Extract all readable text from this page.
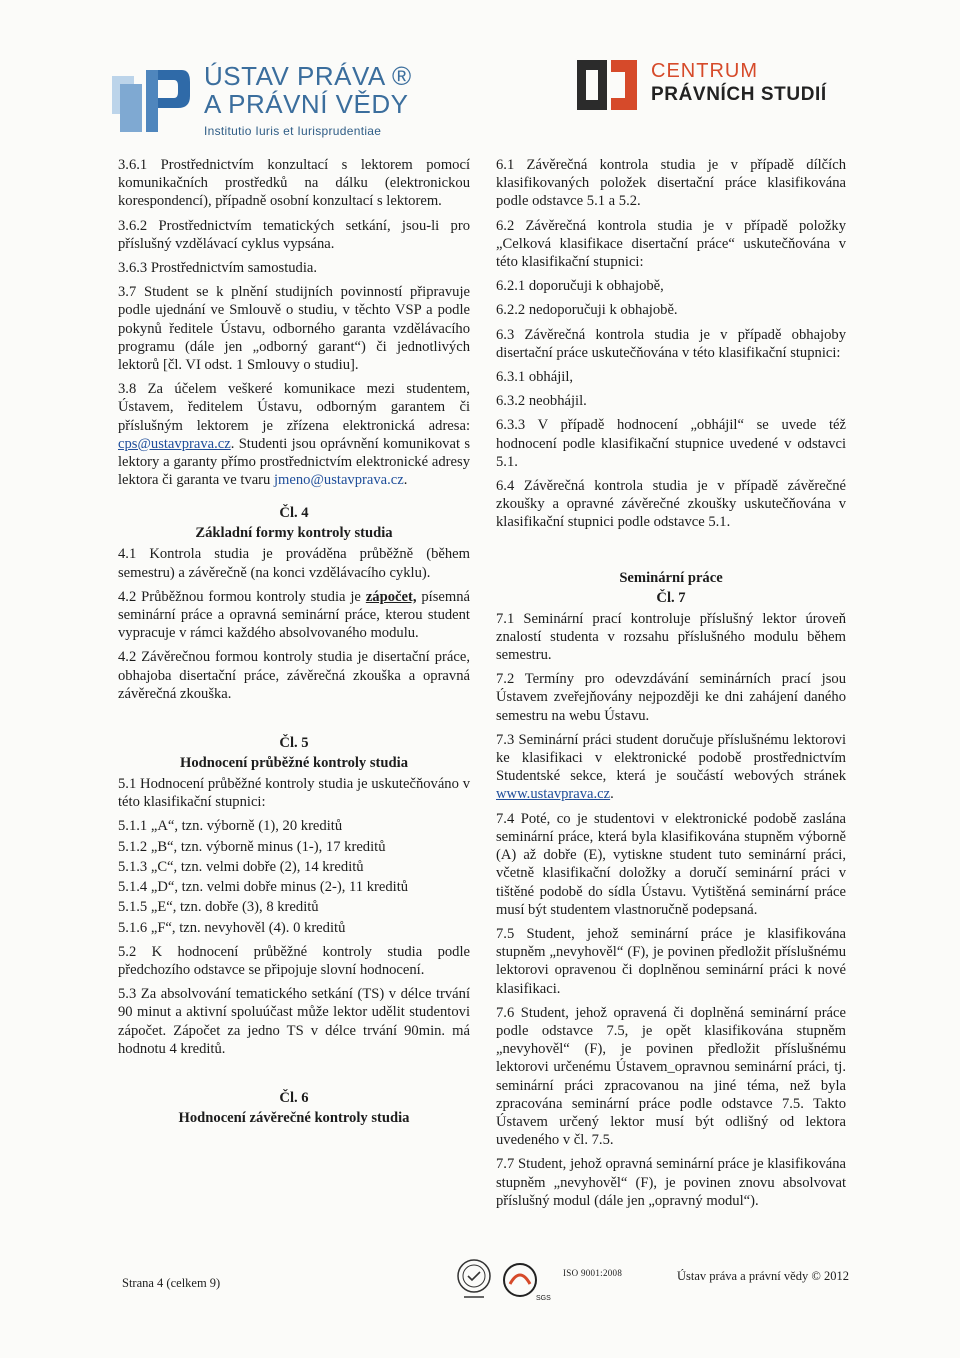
ÚSTAV PRÁVA ®
A PRÁVNÍ VĚDY
Institutio Iuris et Iurisprudentiae
CENTRUM
PRÁVNÍCH STUDIÍ

3.6.1 Prostřednictvím konzultací s lektorem pomocí komunikačních prostředků na dálku (elektronickou korespondencí), případně osobní konzultací s lektorem.

3.6.2 Prostřednictvím tematických setkání, jsou-li pro příslušný vzdělávací cyklus vypsána.

3.6.3 Prostřednictvím samostudia.

3.7 Student se k plnění studijních povinností připravuje podle ujednání ve Smlouvě o studiu, v těchto VSP a podle pokynů ředitele Ústavu, odborného garanta vzdělávacího programu (dále jen „odborný garant“) či jednotlivých lektorů [čl. VI odst. 1 Smlouvy o studiu].

3.8 Za účelem veškeré komunikace mezi studentem, Ústavem, ředitelem Ústavu, odborným garantem či příslušným lektorem je zřízena elektronická adresa: cps@ustavprava.cz. Studenti jsou oprávnění komunikovat s lektory a garanty přímo prostřednictvím elektronické adresy lektora či garanta ve tvaru jmeno@ustavprava.cz.

Čl. 4
Základní formy kontroly studia

4.1 Kontrola studia je prováděna průběžně (během semestru) a závěrečně (na konci vzdělávacího cyklu).

4.2 Průběžnou formou kontroly studia je zápočet, písemná seminární práce a opravná seminární práce, kterou student vypracuje v rámci každého absolvovaného modulu.

4.2 Závěrečnou formou kontroly studia je disertační práce, obhajoba disertační práce, závěrečná zkouška a opravná závěrečná zkouška.

Čl. 5
Hodnocení průběžné kontroly studia

5.1 Hodnocení průběžné kontroly studia je uskutečňováno v této klasifikační stupnici:

5.1.1 „A“, tzn. výborně (1), 20 kreditů

5.1.2 „B“, tzn. výborně minus (1-), 17 kreditů

5.1.3 „C“, tzn. velmi dobře (2), 14 kreditů

5.1.4 „D“, tzn. velmi dobře minus (2-), 11 kreditů

5.1.5 „E“, tzn. dobře (3), 8 kreditů

5.1.6 „F“, tzn. nevyhověl (4). 0 kreditů

5.2 K hodnocení průběžné kontroly studia podle předchozího odstavce se připojuje slovní hodnocení.

5.3 Za absolvování tematického setkání (TS) v délce trvání 90 minut a aktivní spoluúčast může lektor udělit studentovi zápočet. Zápočet za jedno TS v délce trvání 90min. má hodnotu 4 kreditů.

Čl. 6
Hodnocení závěrečné kontroly studia

6.1 Závěrečná kontrola studia je v případě dílčích klasifikovaných položek disertační práce klasifikována podle odstavce 5.1 a 5.2.

6.2 Závěrečná kontrola studia je v případě položky „Celková klasifikace disertační práce“ uskutečňována v této klasifikační stupnici:

6.2.1 doporučuji k obhajobě,

6.2.2 nedoporučuji k obhajobě.

6.3 Závěrečná kontrola studia je v případě obhajoby disertační práce uskutečňována v této klasifikační stupnici:

6.3.1 obhájil,

6.3.2 neobhájil.

6.3.3 V případě hodnocení „obhájil“ se uvede též hodnocení podle klasifikační stupnice uvedené v odstavci 5.1.

6.4 Závěrečná kontrola studia je v případě závěrečné zkoušky a opravné závěrečné zkoušky uskutečňována v klasifikační stupnici podle odstavce 5.1.

Seminární práce
Čl. 7

7.1 Seminární prací kontroluje příslušný lektor úroveň znalostí studenta v rozsahu příslušného modulu během semestru.

7.2 Termíny pro odevzdávání seminárních prací jsou Ústavem zveřejňovány nejpozději ke dni zahájení daného semestru na webu Ústavu.

7.3 Seminární práci student doručuje příslušnému lektorovi ke klasifikaci v elektronické podobě prostřednictvím Studentské sekce, která je součástí webových stránek www.ustavprava.cz.

7.4 Poté, co je studentovi v elektronické podobě zaslána seminární práce, která byla klasifikována stupněm výborně (A) až dobře (E), vytiskne student tuto seminární práci, včetně klasifikační doložky a doručí seminární práci v tištěné podobě do sídla Ústavu. Vytištěná seminární práce musí být studentem vlastnoručně podepsaná.

7.5 Student, jehož seminární práce je klasifikována stupněm „nevyhověl“ (F), je povinen předložit příslušnému lektorovi opravenou či doplněnou seminární práci k nové klasifikaci.

7.6 Student, jehož opravená či doplněná seminární práce podle odstavce 7.5, je opět klasifikována stupněm „nevyhověl“ (F), je povinen předložit příslušnému lektorovi určenému Ústavem_opravnou seminární práci, tj. seminární práci zpracovanou na jiné téma, než byla zpracována seminární práce podle odstavce 7.5. Takto Ústavem určený lektor musí být odlišný od lektora uvedeného v čl. 7.5.

7.7 Student, jehož opravná seminární práce je klasifikována stupněm „nevyhověl“ (F), je povinen znovu absolvovat příslušný modul (dále jen „opravný modul“).

Strana 4 (celkem 9)
SGS
ISO 9001:2008	Ústav práva a právní vědy © 2012
